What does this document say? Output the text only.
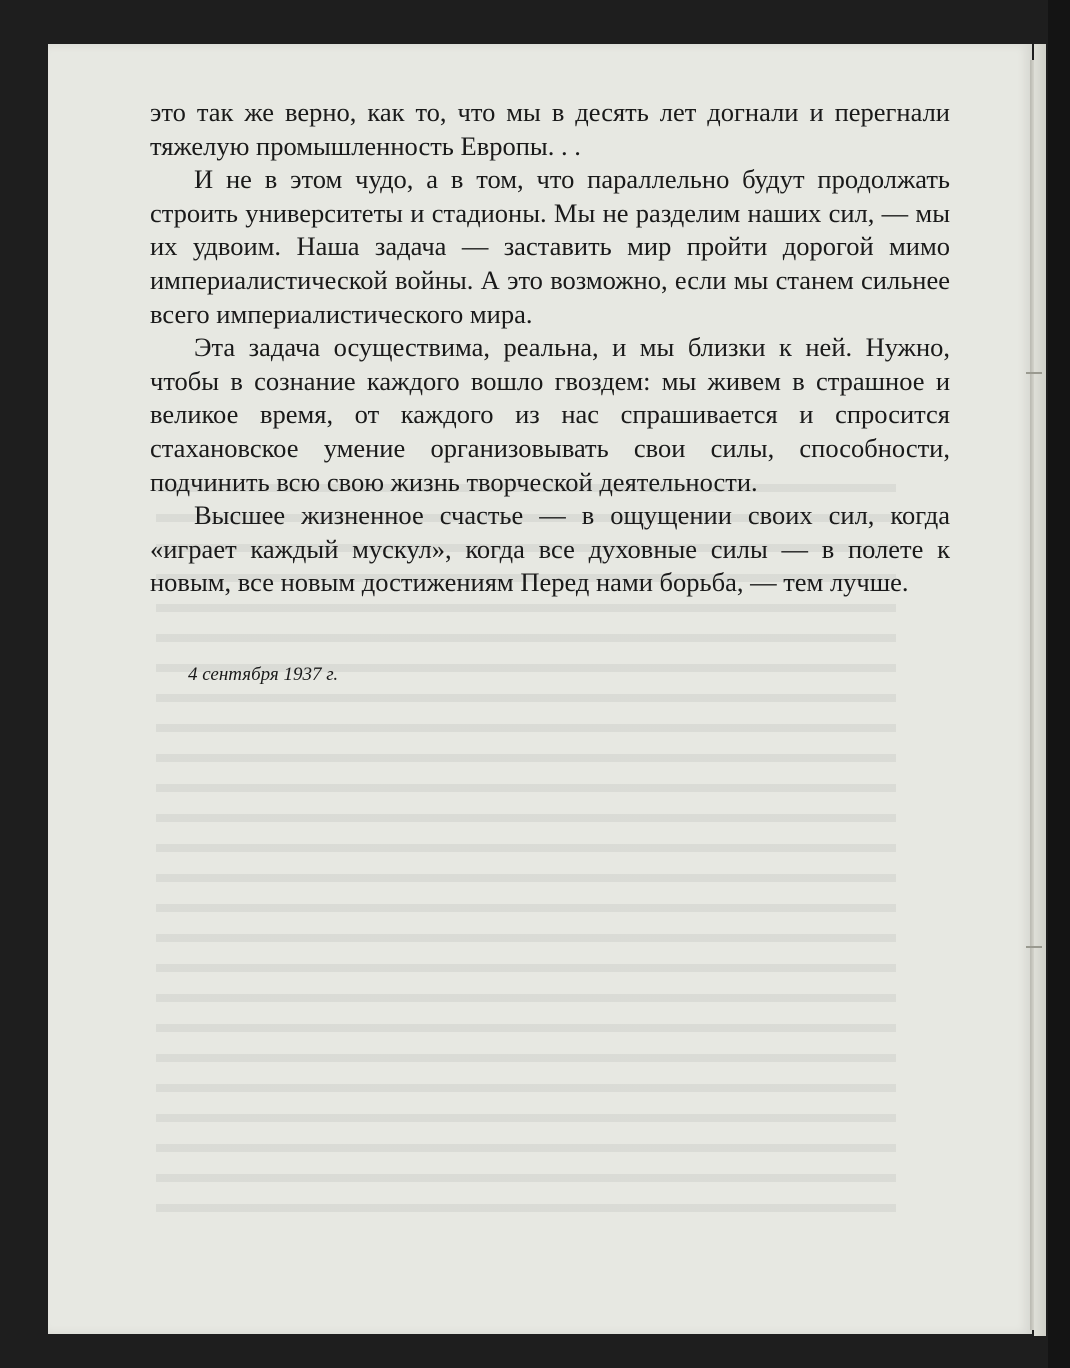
это так же верно, как то, что мы в десять лет догнали и перегнали тяжелую промышленность Европы. . .

И не в этом чудо, а в том, что параллельно будут продолжать строить университеты и стадионы. Мы не разделим наших сил, — мы их удвоим. Наша задача — заставить мир пройти дорогой мимо империалистической войны. А это возможно, если мы станем сильнее всего империалистического мира.

Эта задача осуществима, реальна, и мы близки к ней. Нужно, чтобы в сознание каждого вошло гвоздем: мы живем в страшное и великое время, от каждого из нас спрашивается и спросится стахановское умение организовывать свои силы, способности, подчинить всю свою жизнь творческой деятельности.

Высшее жизненное счастье — в ощущении своих сил, когда «играет каждый мускул», когда все духовные силы — в полете к новым, все новым достижениям Перед нами борьба, — тем лучше.

4 сентября 1937 г.
